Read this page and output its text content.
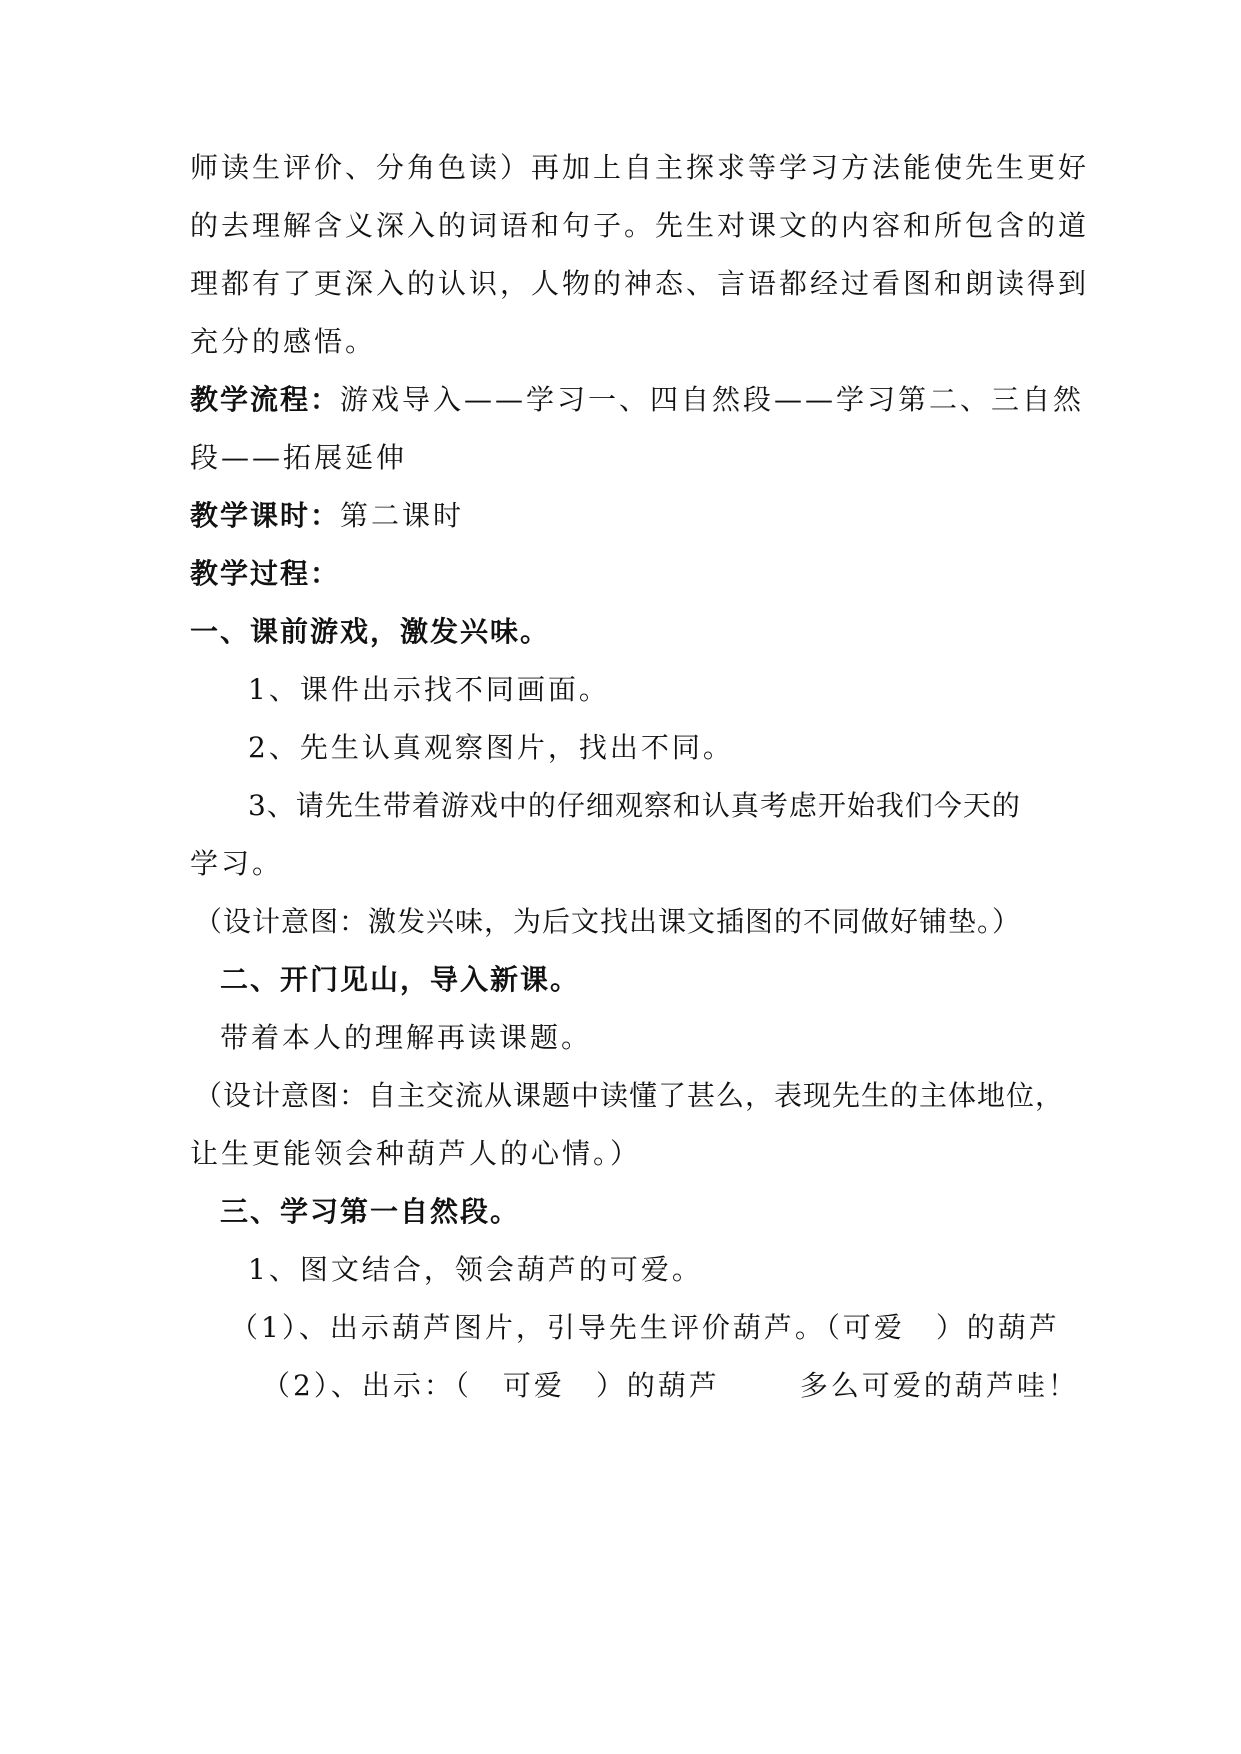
师读生评价、分角色读）再加上自主探求等学习方法能使先生更好
的去理解含义深入的词语和句子。先生对课文的内容和所包含的道
理都有了更深入的认识，人物的神态、言语都经过看图和朗读得到
充分的感悟。
教学流程：游戏导入——学习一、四自然段——学习第二、三自然
段——拓展延伸
教学课时：第二课时
教学过程：
一、课前游戏，激发兴味。
1、课件出示找不同画面。
2、先生认真观察图片，找出不同。
3、请先生带着游戏中的仔细观察和认真考虑开始我们今天的
学习。
（设计意图：激发兴味，为后文找出课文插图的不同做好铺垫。）
二、开门见山，导入新课。
带着本人的理解再读课题。
（设计意图：自主交流从课题中读懂了甚么，表现先生的主体地位，
让生更能领会种葫芦人的心情。）
三、学习第一自然段。
1、图文结合，领会葫芦的可爱。
（1）、出示葫芦图片，引导先生评价葫芦。（可爱　）的葫芦
（2）、出示：（　可爱　）的葫芦	多么可爱的葫芦哇！
